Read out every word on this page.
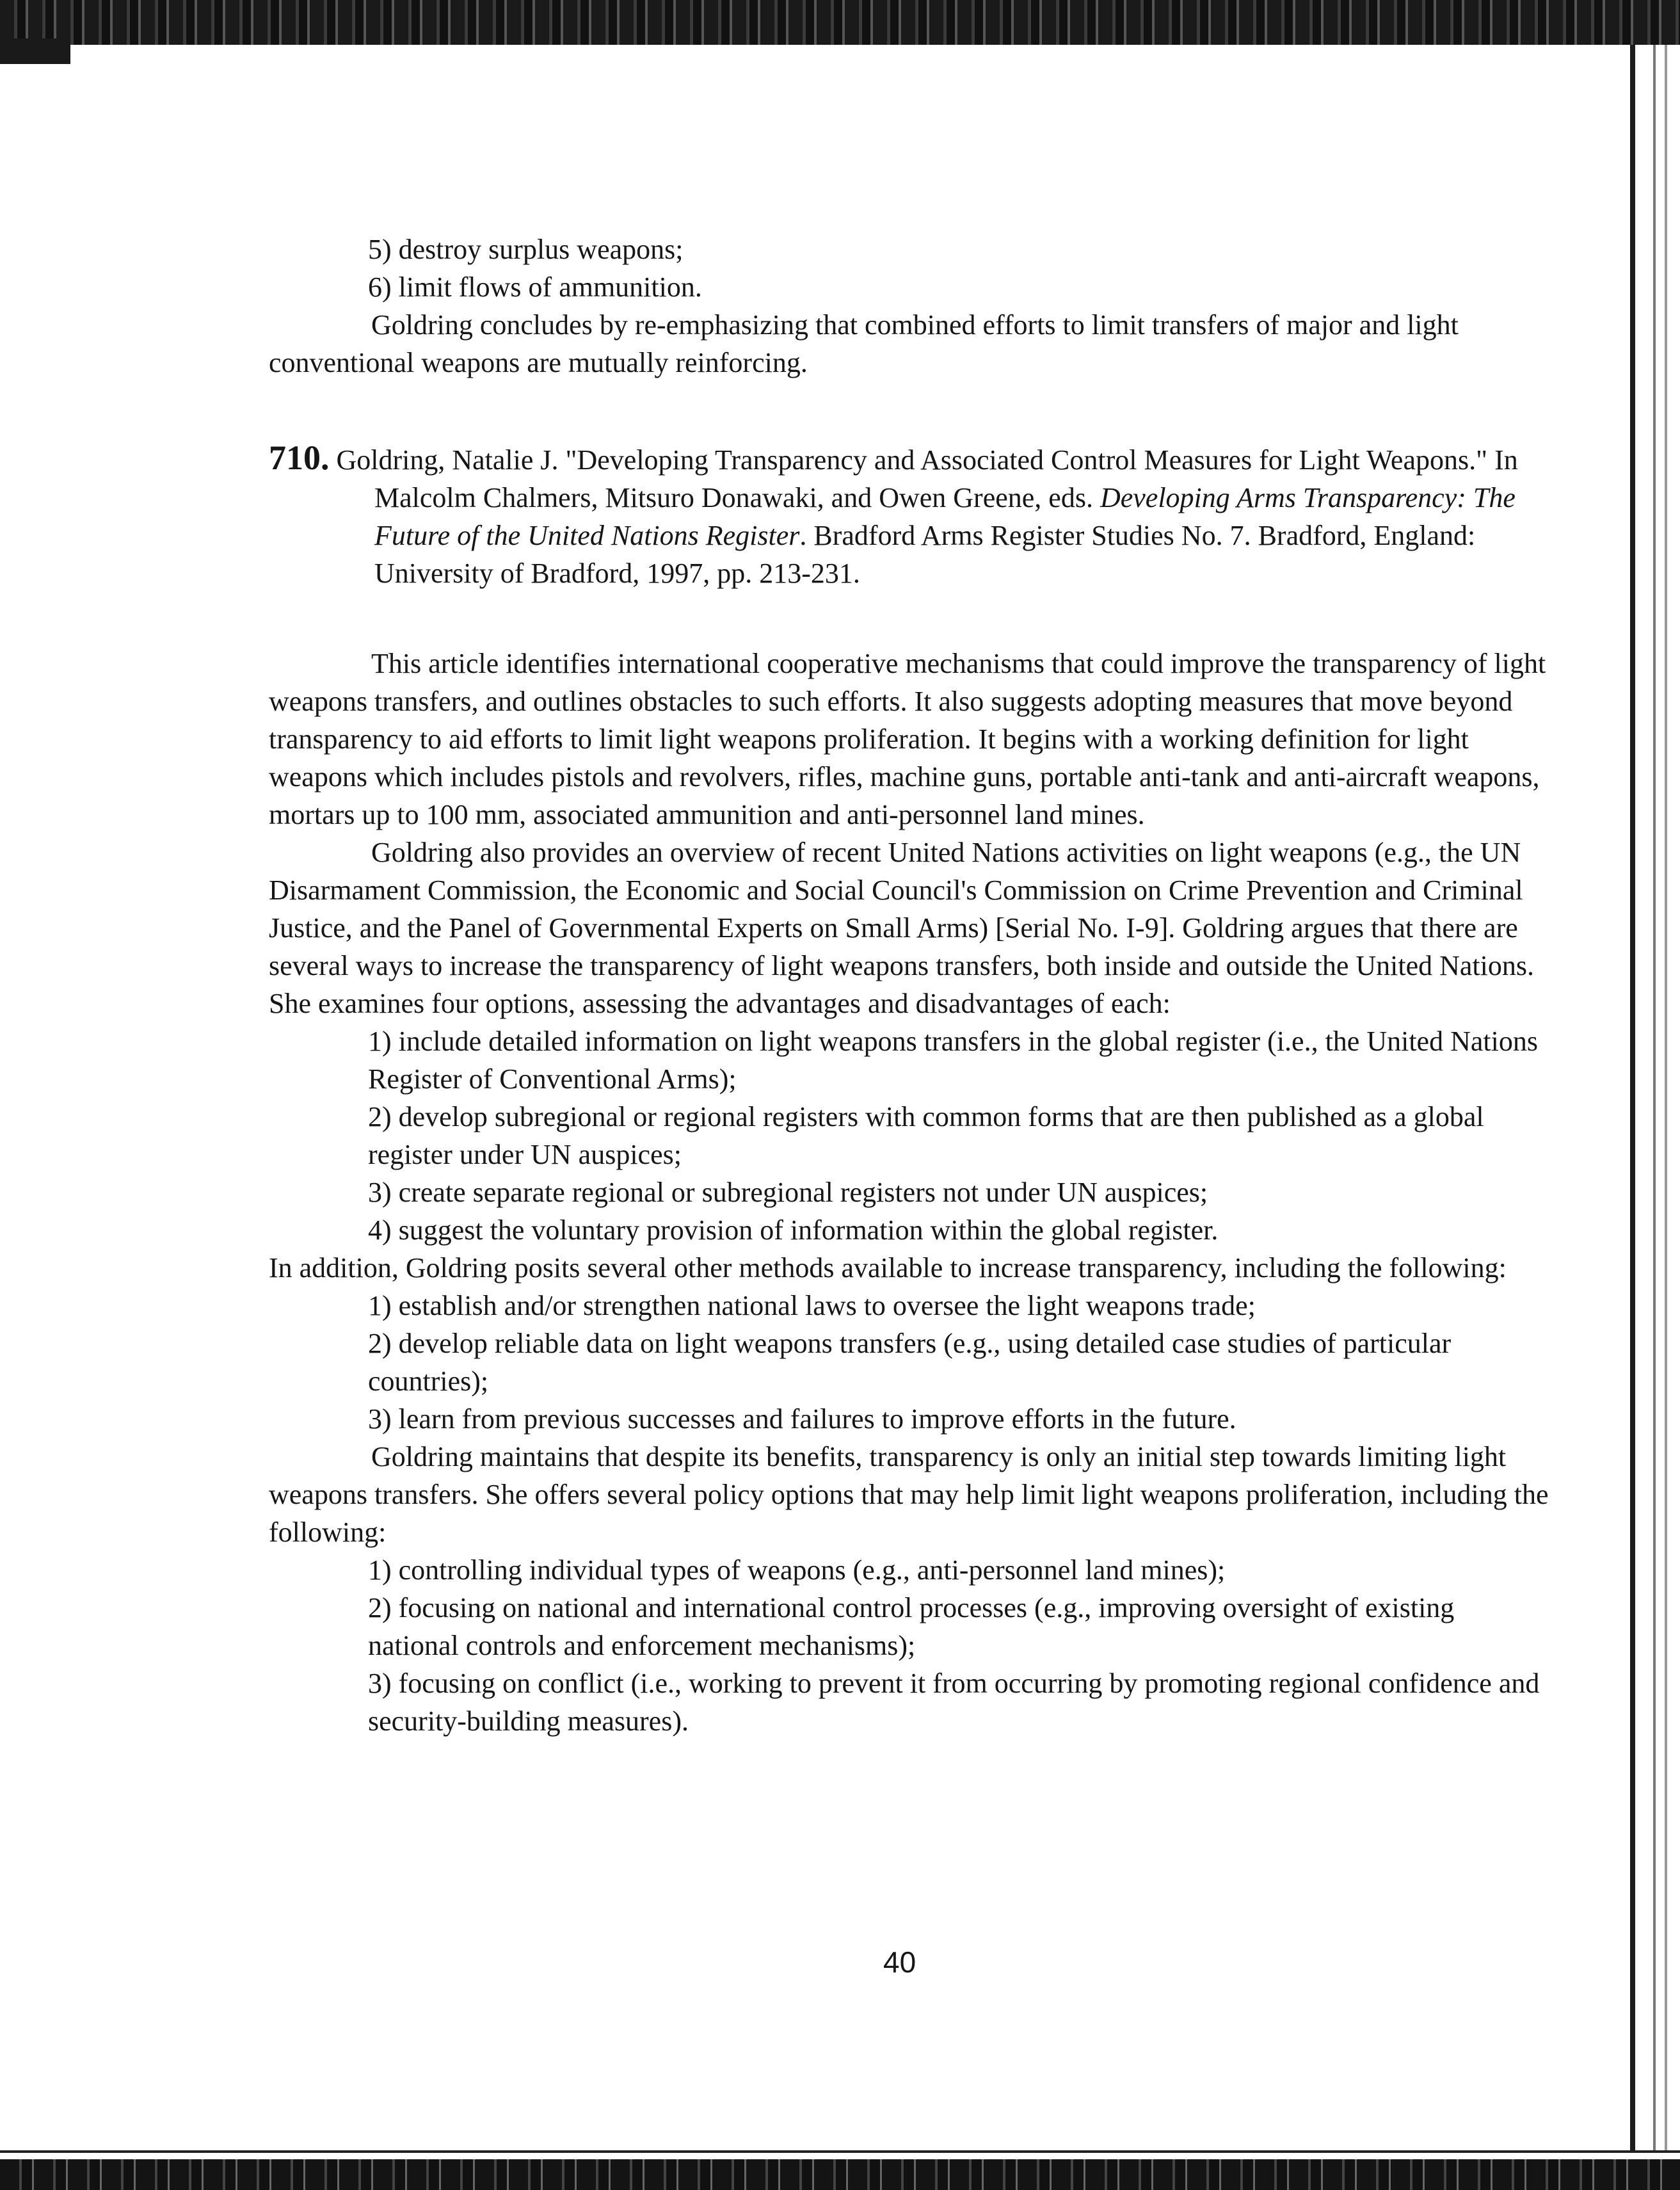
5) destroy surplus weapons;

6) limit flows of ammunition.

Goldring concludes by re-emphasizing that combined efforts to limit transfers of major and light conventional weapons are mutually reinforcing.

710. Goldring, Natalie J. "Developing Transparency and Associated Control Measures for Light Weapons." In Malcolm Chalmers, Mitsuro Donawaki, and Owen Greene, eds. Developing Arms Transparency: The Future of the United Nations Register. Bradford Arms Register Studies No. 7. Bradford, England: University of Bradford, 1997, pp. 213-231.

This article identifies international cooperative mechanisms that could improve the transparency of light weapons transfers, and outlines obstacles to such efforts. It also suggests adopting measures that move beyond transparency to aid efforts to limit light weapons proliferation. It begins with a working definition for light weapons which includes pistols and revolvers, rifles, machine guns, portable anti-tank and anti-aircraft weapons, mortars up to 100 mm, associated ammunition and anti-personnel land mines.

Goldring also provides an overview of recent United Nations activities on light weapons (e.g., the UN Disarmament Commission, the Economic and Social Council's Commission on Crime Prevention and Criminal Justice, and the Panel of Governmental Experts on Small Arms) [Serial No. I-9]. Goldring argues that there are several ways to increase the transparency of light weapons transfers, both inside and outside the United Nations. She examines four options, assessing the advantages and disadvantages of each:

1) include detailed information on light weapons transfers in the global register (i.e., the United Nations Register of Conventional Arms);

2) develop subregional or regional registers with common forms that are then published as a global register under UN auspices;

3) create separate regional or subregional registers not under UN auspices;

4) suggest the voluntary provision of information within the global register.

In addition, Goldring posits several other methods available to increase transparency, including the following:

1) establish and/or strengthen national laws to oversee the light weapons trade;

2) develop reliable data on light weapons transfers (e.g., using detailed case studies of particular countries);

3) learn from previous successes and failures to improve efforts in the future.

Goldring maintains that despite its benefits, transparency is only an initial step towards limiting light weapons transfers. She offers several policy options that may help limit light weapons proliferation, including the following:

1) controlling individual types of weapons (e.g., anti-personnel land mines);

2) focusing on national and international control processes (e.g., improving oversight of existing national controls and enforcement mechanisms);

3) focusing on conflict (i.e., working to prevent it from occurring by promoting regional confidence and security-building measures).

40
